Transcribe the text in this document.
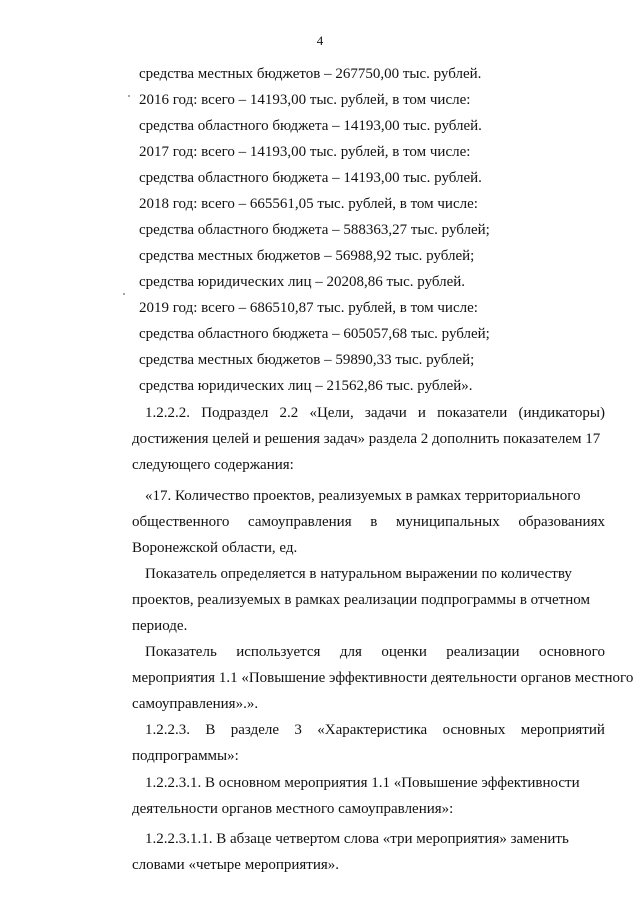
4
средства местных бюджетов – 267750,00 тыс. рублей.
2016 год: всего – 14193,00 тыс. рублей, в том числе:
средства областного бюджета – 14193,00 тыс. рублей.
2017 год: всего – 14193,00 тыс. рублей, в том числе:
средства областного бюджета – 14193,00 тыс. рублей.
2018 год: всего – 665561,05 тыс. рублей, в том числе:
средства областного бюджета – 588363,27 тыс. рублей;
средства местных бюджетов – 56988,92 тыс. рублей;
средства юридических лиц – 20208,86 тыс. рублей.
2019 год: всего – 686510,87 тыс. рублей, в том числе:
средства областного бюджета – 605057,68 тыс. рублей;
средства местных бюджетов – 59890,33 тыс. рублей;
средства юридических лиц – 21562,86 тыс. рублей».
1.2.2.2. Подраздел 2.2 «Цели, задачи и показатели (индикаторы)
достижения целей и решения задач» раздела 2 дополнить показателем 17
следующего содержания:
«17. Количество проектов, реализуемых в рамках территориального
общественного самоуправления в муниципальных образованиях
Воронежской области, ед.
Показатель определяется в натуральном выражении по количеству
проектов, реализуемых в рамках реализации подпрограммы в отчетном
периоде.
Показатель используется для оценки реализации основного
мероприятия 1.1 «Повышение эффективности деятельности органов местного
самоуправления».».
1.2.2.3. В разделе 3 «Характеристика основных мероприятий
подпрограммы»:
1.2.2.3.1. В основном мероприятия 1.1 «Повышение эффективности
деятельности органов местного самоуправления»:
1.2.2.3.1.1. В абзаце четвертом слова «три мероприятия» заменить
словами «четыре мероприятия».
